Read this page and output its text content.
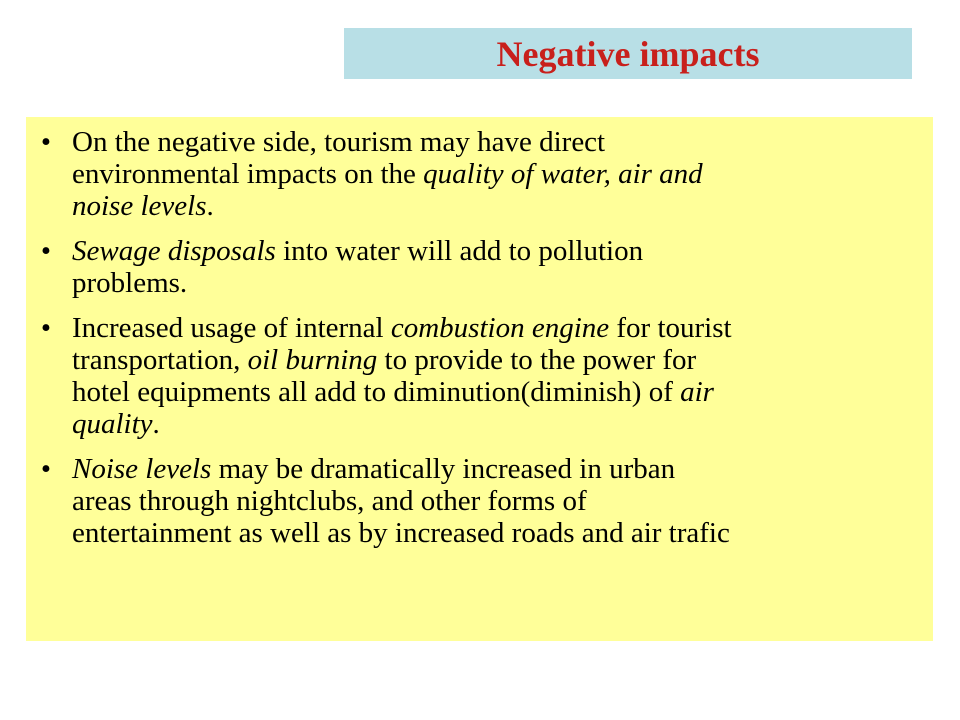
Negative impacts
• On the negative side, tourism may have direct
environmental impacts on the quality of water, air and
noise levels.
• Sewage disposals into water will add to pollution
problems.
• Increased usage of internal combustion engine for tourist
transportation, oil burning to provide to the power for
hotel equipments all add to diminution(diminish) of air
quality.
• Noise levels may be dramatically increased in urban
areas through nightclubs, and other forms of
entertainment as well as by increased roads and air trafic
